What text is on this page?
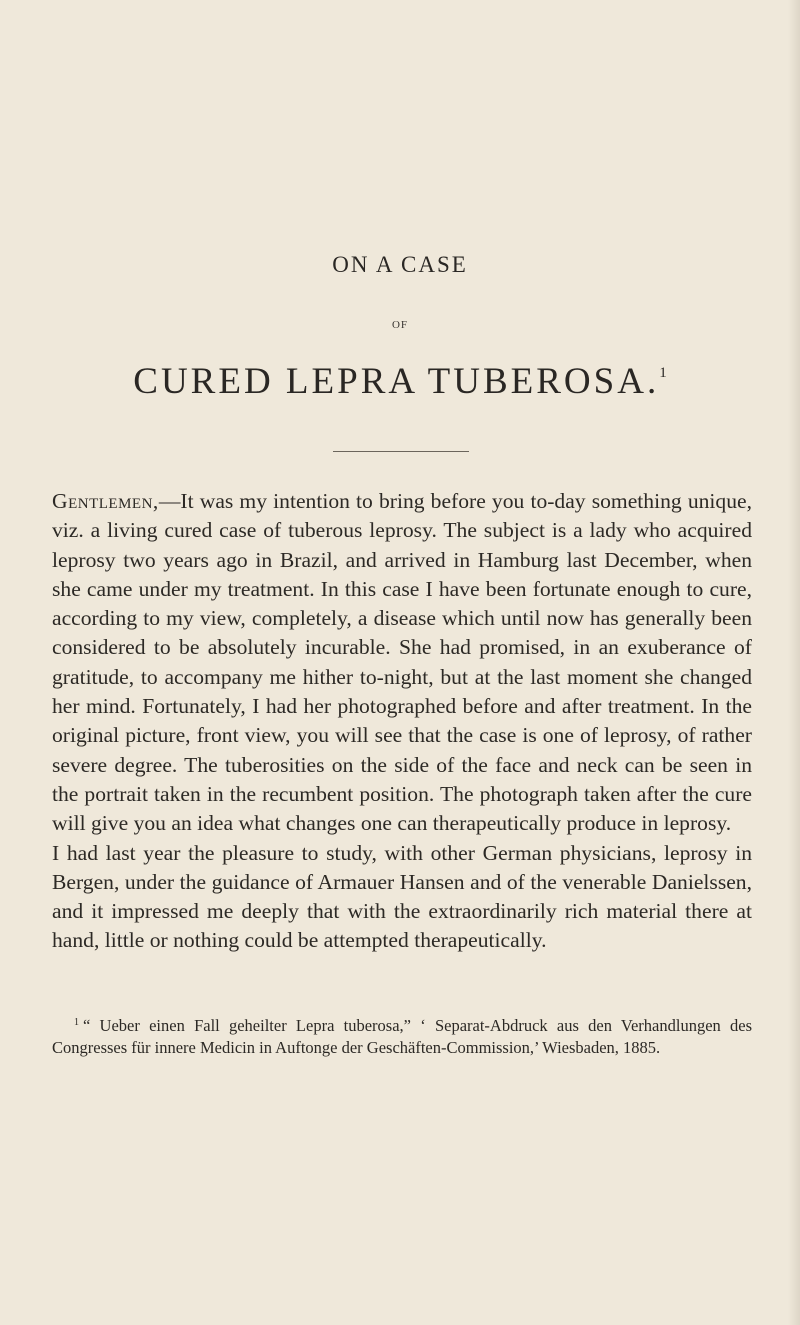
ON A CASE
OF
CURED LEPRA TUBEROSA.$^1$

Gentlemen,—It was my intention to bring before you to-day something unique, viz. a living cured case of tuberous leprosy. The subject is a lady who acquired leprosy two years ago in Brazil, and arrived in Hamburg last December, when she came under my treatment. In this case I have been fortunate enough to cure, according to my view, completely, a disease which until now has generally been considered to be absolutely incurable. She had promised, in an exuberance of gratitude, to accompany me hither to-night, but at the last moment she changed her mind. Fortunately, I had her photographed before and after treatment. In the original picture, front view, you will see that the case is one of leprosy, of rather severe degree. The tuberosities on the side of the face and neck can be seen in the portrait taken in the recumbent position. The photograph taken after the cure will give you an idea what changes one can therapeutically produce in leprosy.

I had last year the pleasure to study, with other German physicians, leprosy in Bergen, under the guidance of Armauer Hansen and of the venerable Danielssen, and it impressed me deeply that with the extraordinarily rich material there at hand, little or nothing could be attempted therapeutically.

$^1$ “ Ueber einen Fall geheilter Lepra tuberosa,” ‘ Separat-Abdruck aus den Verhandlungen des Congresses für innere Medicin in Auftonge der Geschäften-Commission,’ Wiesbaden, 1885.
